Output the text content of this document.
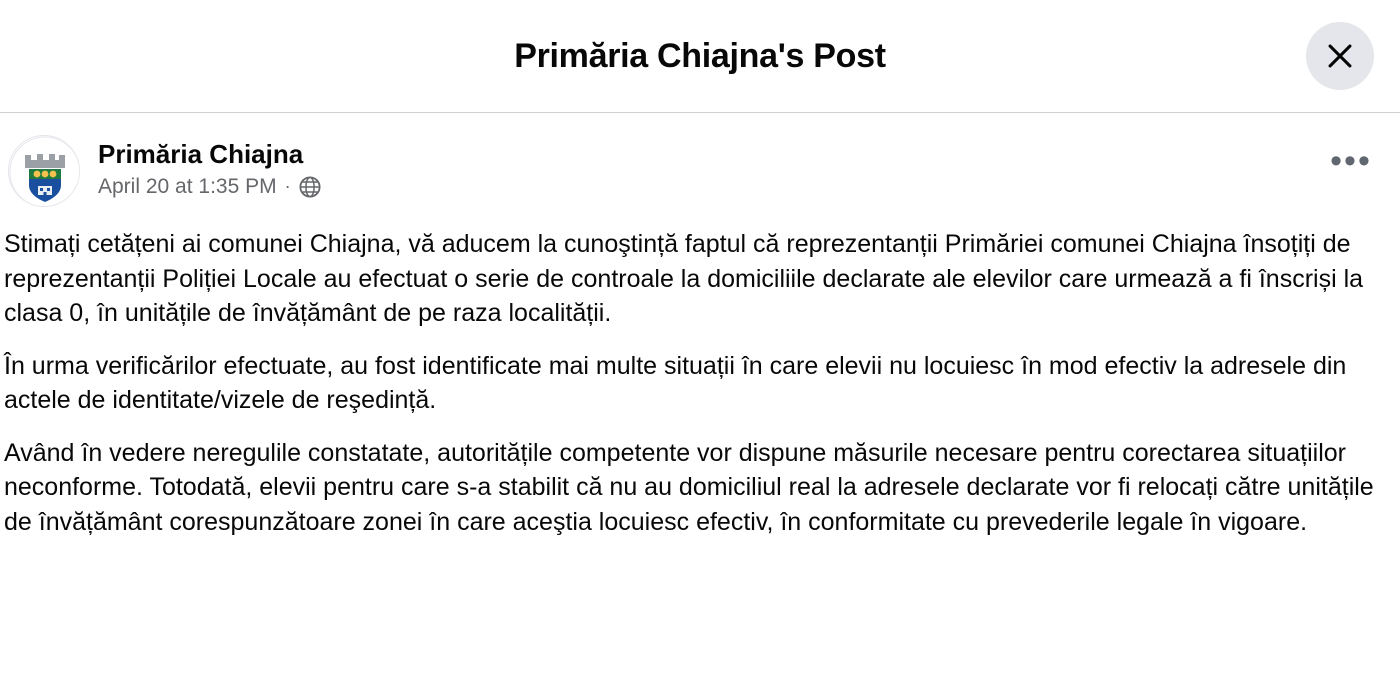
Primăria Chiajna's Post
Primăria Chiajna
April 20 at 1:35 PM ·
•••

Stimați cetățeni ai comunei Chiajna, vă aducem la cunoştință faptul că reprezentanții Primăriei comunei Chiajna însoțiți de reprezentanții Poliției Locale au efectuat o serie de controale la domiciliile declarate ale elevilor care urmează a fi înscriși la clasa 0, în unitățile de învățământ de pe raza localității.

În urma verificărilor efectuate, au fost identificate mai multe situații în care elevii nu locuiesc în mod efectiv la adresele din actele de identitate/vizele de reşedință.

Având în vedere neregulile constatate, autoritățile competente vor dispune măsurile necesare pentru corectarea situațiilor neconforme. Totodată, elevii pentru care s-a stabilit că nu au domiciliul real la adresele declarate vor fi relocați către unitățile de învățământ corespunzătoare zonei în care aceştia locuiesc efectiv, în conformitate cu prevederile legale în vigoare.
